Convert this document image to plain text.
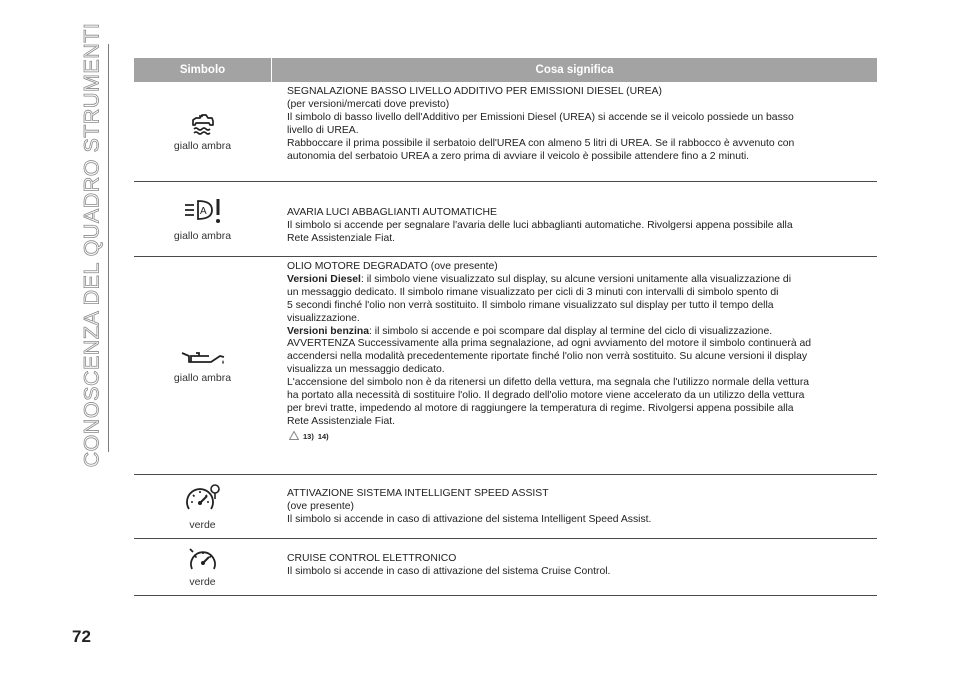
CONOSCENZA DEL QUADRO STRUMENTI	Simbolo	Cosa significa
giallo ambra

SEGNALAZIONE BASSO LIVELLO ADDITIVO PER EMISSIONI DIESEL (UREA)

(per versioni/mercati dove previsto)

Il simbolo di basso livello dell'Additivo per Emissioni Diesel (UREA) si accende se il veicolo possiede un basso

livello di UREA.

Rabboccare il prima possibile il serbatoio dell'UREA con almeno 5 litri di UREA. Se il rabbocco è avvenuto con

autonomia del serbatoio UREA a zero prima di avviare il veicolo è possibile attendere fino a 2 minuti.

A
giallo ambra

AVARIA LUCI ABBAGLIANTI AUTOMATICHE

Il simbolo si accende per segnalare l'avaria delle luci abbaglianti automatiche. Rivolgersi appena possibile alla

Rete Assistenziale Fiat.

giallo ambra

OLIO MOTORE DEGRADATO (ove presente)

Versioni Diesel: il simbolo viene visualizzato sul display, su alcune versioni unitamente alla visualizzazione di

un messaggio dedicato. Il simbolo rimane visualizzato per cicli di 3 minuti con intervalli di simbolo spento di

5 secondi finché l'olio non verrà sostituito. Il simbolo rimane visualizzato sul display per tutto il tempo della

visualizzazione.

Versioni benzina: il simbolo si accende e poi scompare dal display al termine del ciclo di visualizzazione.

AVVERTENZA Successivamente alla prima segnalazione, ad ogni avviamento del motore il simbolo continuerà ad

accendersi nella modalità precedentemente riportate finché l'olio non verrà sostituito. Su alcune versioni il display

visualizza un messaggio dedicato.

L'accensione del simbolo non è da ritenersi un difetto della vettura, ma segnala che l'utilizzo normale della vettura

ha portato alla necessità di sostituire l'olio. Il degrado dell'olio motore viene accelerato da un utilizzo della vettura

per brevi tratte, impedendo al motore di raggiungere la temperatura di regime. Rivolgersi appena possibile alla

Rete Assistenziale Fiat.

13) 14)
verde

ATTIVAZIONE SISTEMA INTELLIGENT SPEED ASSIST

(ove presente)

Il simbolo si accende in caso di attivazione del sistema Intelligent Speed Assist.

verde

CRUISE CONTROL ELETTRONICO

Il simbolo si accende in caso di attivazione del sistema Cruise Control.

72
